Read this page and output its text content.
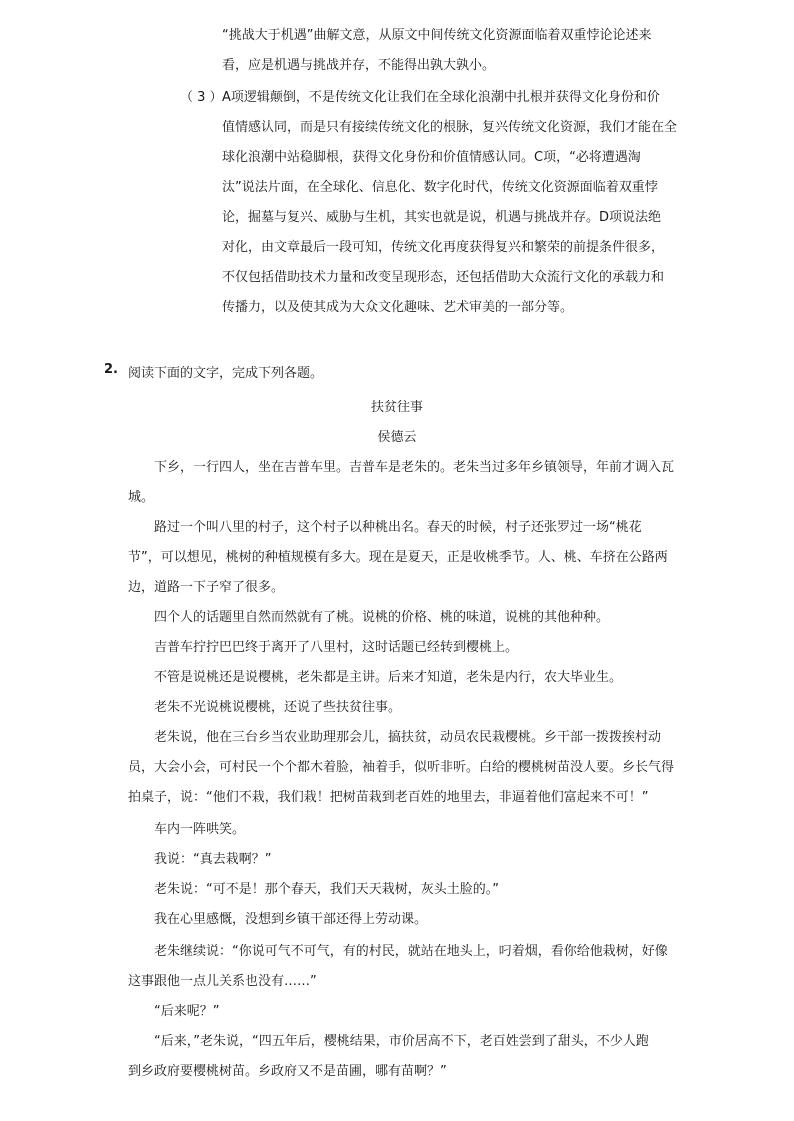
“挑战大于机遇”曲解文意，从原文中间传统文化资源面临着双重悖论论述来
看，应是机遇与挑战并存，不能得出孰大孰小。
（ 3 ） A项逻辑颠倒，不是传统文化让我们在全球化浪潮中扎根并获得文化身份和价
值情感认同，而是只有接续传统文化的根脉，复兴传统文化资源，我们才能在全
球化浪潮中站稳脚根，获得文化身份和价值情感认同。C项，“必将遭遇淘
汰”说法片面，在全球化、信息化、数字化时代，传统文化资源面临着双重悖
论，掘墓与复兴、威胁与生机，其实也就是说，机遇与挑战并存。D项说法绝
对化，由文章最后一段可知，传统文化再度获得复兴和繁荣的前提条件很多，
不仅包括借助技术力量和改变呈现形态，还包括借助大众流行文化的承载力和
传播力，以及使其成为大众文化趣味、艺术审美的一部分等。
2. 阅读下面的文字，完成下列各题。
扶贫往事
侯德云
下乡，一行四人，坐在吉普车里。吉普车是老朱的。老朱当过多年乡镇领导，年前才调入瓦
城。
路过一个叫八里的村子，这个村子以种桃出名。春天的时候，村子还张罗过一场“桃花
节”，可以想见，桃树的种植规模有多大。现在是夏天，正是收桃季节。人、桃、车挤在公路两
边，道路一下子窄了很多。
四个人的话题里自然而然就有了桃。说桃的价格、桃的味道，说桃的其他种种。
吉普车拧拧巴巴终于离开了八里村，这时话题已经转到樱桃上。
不管是说桃还是说樱桃，老朱都是主讲。后来才知道，老朱是内行，农大毕业生。
老朱不光说桃说樱桃，还说了些扶贫往事。
老朱说，他在三台乡当农业助理那会儿，搞扶贫，动员农民栽樱桃。乡干部一拨拨挨村动
员，大会小会，可村民一个个都木着脸，袖着手，似听非听。白给的樱桃树苗没人要。乡长气得
拍桌子，说：“他们不栽，我们栽！把树苗栽到老百姓的地里去，非逼着他们富起来不可！”
车内一阵哄笑。
我说：“真去栽啊？”
老朱说：“可不是！那个春天，我们天天栽树，灰头土脸的。”
我在心里感慨，没想到乡镇干部还得上劳动课。
老朱继续说：“你说可气不可气，有的村民，就站在地头上，叼着烟，看你给他栽树，好像
这事跟他一点儿关系也没有……”
“后来呢？”
“后来，”老朱说，“四五年后，樱桃结果，市价居高不下，老百姓尝到了甜头，不少人跑
到乡政府要樱桃树苗。乡政府又不是苗圃，哪有苗啊？”
